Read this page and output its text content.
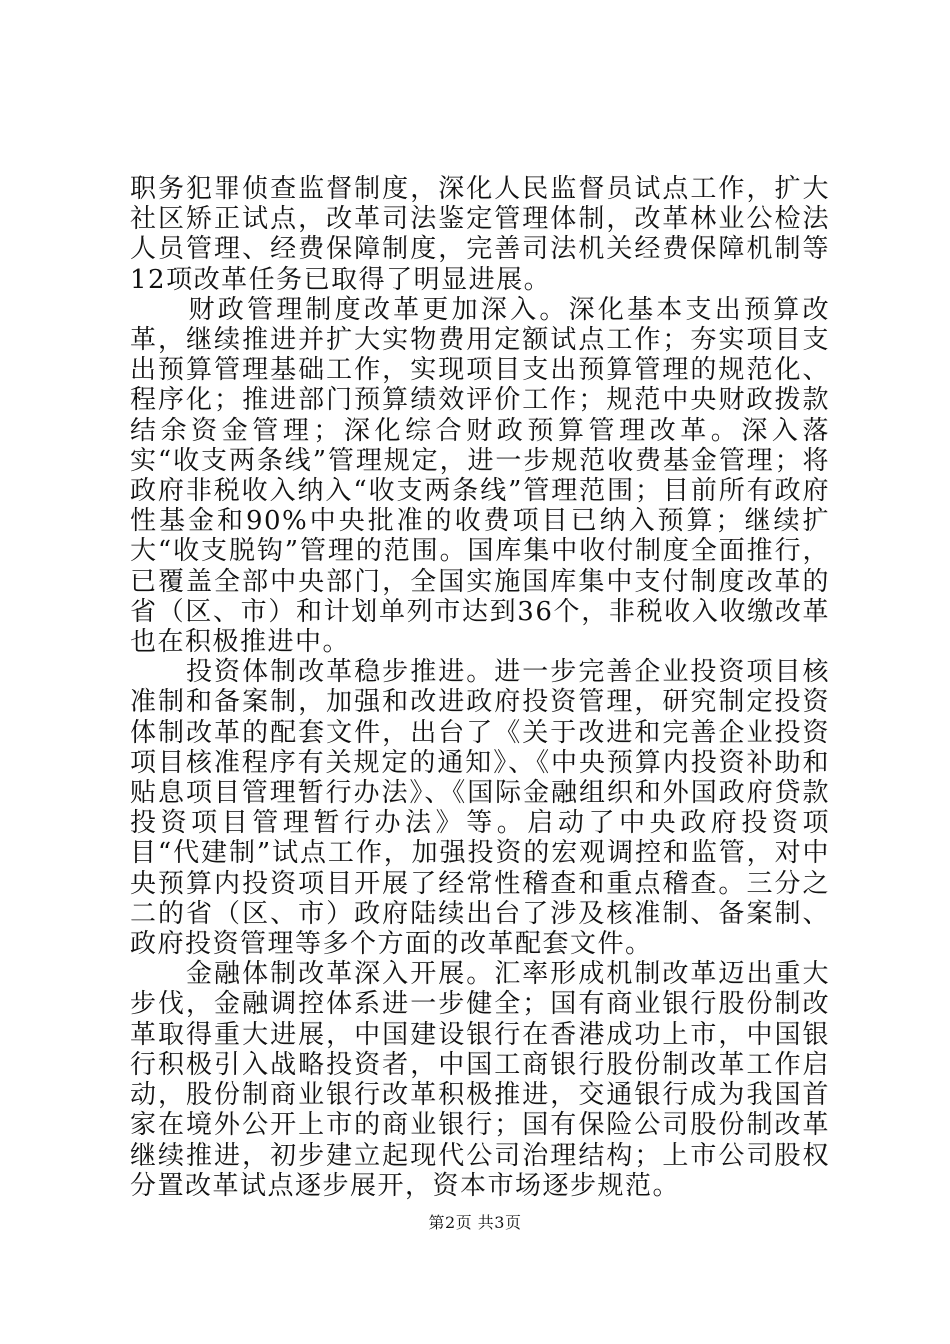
职务犯罪侦查监督制度，深化人民监督员试点工作，扩大社区矫正试点，改革司法鉴定管理体制，改革林业公检法人员管理、经费保障制度，完善司法机关经费保障机制等12项改革任务已取得了明显进展。

　　财政管理制度改革更加深入。深化基本支出预算改革，继续推进并扩大实物费用定额试点工作；夯实项目支出预算管理基础工作，实现项目支出预算管理的规范化、程序化；推进部门预算绩效评价工作；规范中央财政拨款结余资金管理；深化综合财政预算管理改革。深入落实“收支两条线”管理规定，进一步规范收费基金管理；将政府非税收入纳入“收支两条线”管理范围；目前所有政府性基金和90%中央批准的收费项目已纳入预算；继续扩大“收支脱钩”管理的范围。国库集中收付制度全面推行，已覆盖全部中央部门，全国实施国库集中支付制度改革的省（区、市）和计划单列市达到36个，非税收入收缴改革也在积极推进中。

　　投资体制改革稳步推进。进一步完善企业投资项目核准制和备案制，加强和改进政府投资管理，研究制定投资体制改革的配套文件，出台了《关于改进和完善企业投资项目核准程序有关规定的通知》、《中央预算内投资补助和贴息项目管理暂行办法》、《国际金融组织和外国政府贷款投资项目管理暂行办法》等。启动了中央政府投资项目“代建制”试点工作，加强投资的宏观调控和监管，对中央预算内投资项目开展了经常性稽查和重点稽查。三分之二的省（区、市）政府陆续出台了涉及核准制、备案制、政府投资管理等多个方面的改革配套文件。

　　金融体制改革深入开展。汇率形成机制改革迈出重大步伐，金融调控体系进一步健全；国有商业银行股份制改革取得重大进展，中国建设银行在香港成功上市，中国银行积极引入战略投资者，中国工商银行股份制改革工作启动，股份制商业银行改革积极推进，交通银行成为我国首家在境外公开上市的商业银行；国有保险公司股份制改革继续推进，初步建立起现代公司治理结构；上市公司股权分置改革试点逐步展开，资本市场逐步规范。

第2页 共3页
